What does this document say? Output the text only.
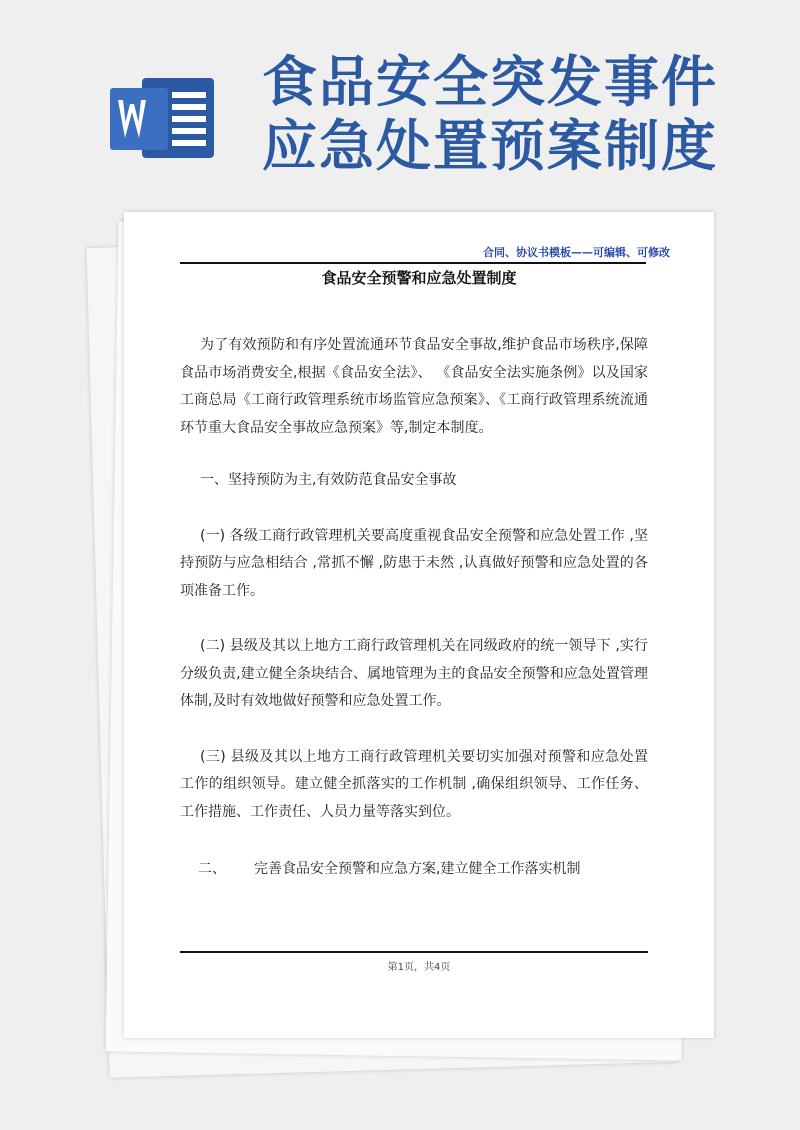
食品安全突发事件
应急处置预案制度
合同、协议书模板——可编辑、可修改
食品安全预警和应急处置制度

为了有效预防和有序处置流通环节食品安全事故,维护食品市场秩序,保障食品市场消费安全,根据《食品安全法》、 《食品安全法实施条例》以及国家工商总局《工商行政管理系统市场监管应急预案》、《工商行政管理系统流通环节重大食品安全事故应急预案》等,制定本制度。

一、坚持预防为主,有效防范食品安全事故

(一) 各级工商行政管理机关要高度重视食品安全预警和应急处置工作 ,坚持预防与应急相结合 ,常抓不懈 ,防患于未然 ,认真做好预警和应急处置的各项准备工作。

(二) 县级及其以上地方工商行政管理机关在同级政府的统一领导下 ,实行分级负责,建立健全条块结合、属地管理为主的食品安全预警和应急处置管理体制,及时有效地做好预警和应急处置工作。

(三) 县级及其以上地方工商行政管理机关要切实加强对预警和应急处置工作的组织领导。建立健全抓落实的工作机制 ,确保组织领导、工作任务、工作措施、工作责任、人员力量等落实到位。

二、 完善食品安全预警和应急方案,建立健全工作落实机制

第1页，共4页
